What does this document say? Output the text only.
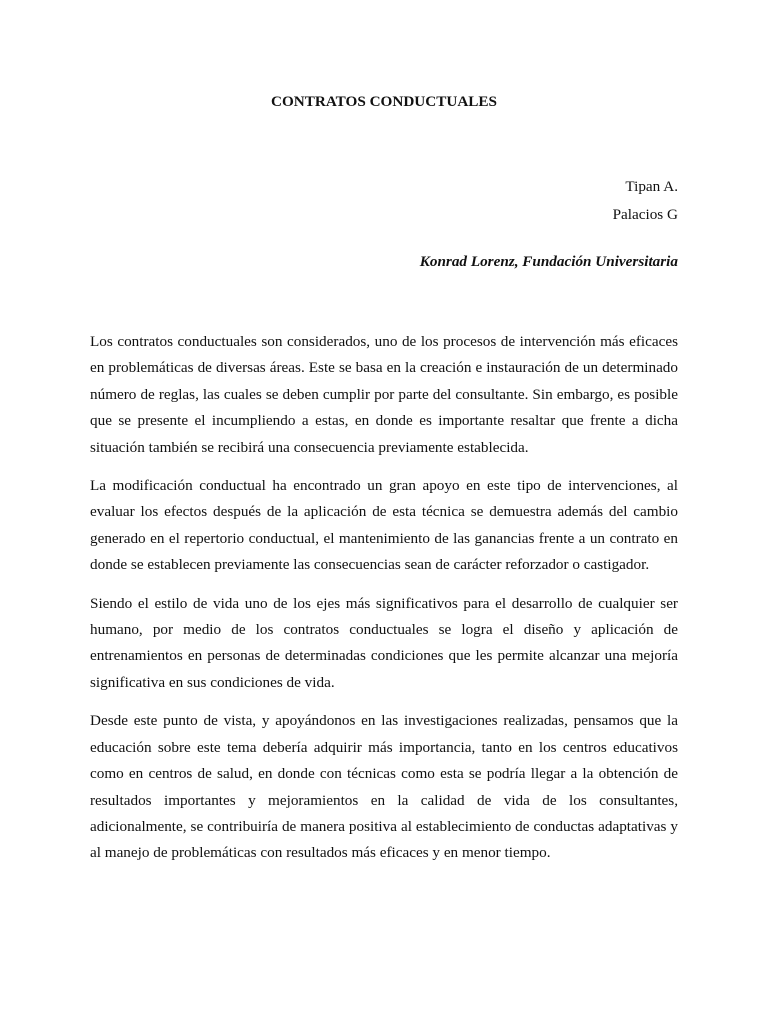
CONTRATOS CONDUCTUALES
Tipan A.
Palacios G
Konrad Lorenz, Fundación Universitaria

Los contratos conductuales son considerados, uno de los procesos de intervención más eficaces en problemáticas de diversas áreas. Este se basa en la creación e instauración de un determinado número de reglas, las cuales se deben cumplir por parte del consultante. Sin embargo, es posible que se presente el incumpliendo a estas, en donde es importante resaltar que frente a dicha situación también se recibirá una consecuencia previamente establecida.

La modificación conductual ha encontrado un gran apoyo en este tipo de intervenciones, al evaluar los efectos después de la aplicación de esta técnica se demuestra además del cambio generado en el repertorio conductual, el mantenimiento de las ganancias frente a un contrato en donde se establecen previamente las consecuencias sean de carácter reforzador o castigador.

Siendo el estilo de vida uno de los ejes más significativos para el desarrollo de cualquier ser humano, por medio de los contratos conductuales se logra el diseño y aplicación de entrenamientos en personas de determinadas condiciones que les permite alcanzar una mejoría significativa en sus condiciones de vida.

Desde este punto de vista, y apoyándonos en las investigaciones realizadas, pensamos que la educación sobre este tema debería adquirir más importancia, tanto en los centros educativos como en centros de salud, en donde con técnicas como esta se podría llegar a la obtención de resultados importantes y mejoramientos en la calidad de vida de los consultantes, adicionalmente, se contribuiría de manera positiva al establecimiento de conductas adaptativas y al manejo de problemáticas con resultados más eficaces y en menor tiempo.
